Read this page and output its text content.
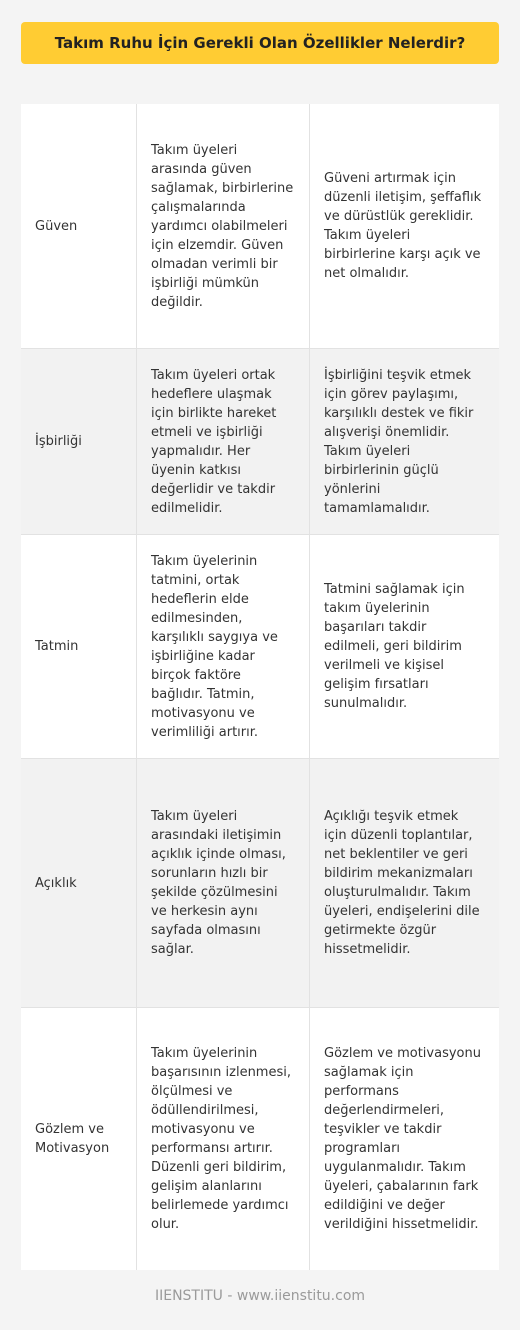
Takım Ruhu İçin Gerekli Olan Özellikler Nelerdir?
Güven
Takım üyeleri arasında güven sağlamak, birbirlerine çalışmalarında yardımcı olabilmeleri için elzemdir. Güven olmadan verimli bir işbirliği mümkün değildir.
Güveni artırmak için düzenli iletişim, şeffaflık ve dürüstlük gereklidir. Takım üyeleri birbirlerine karşı açık ve net olmalıdır.
İşbirliği
Takım üyeleri ortak hedeflere ulaşmak için birlikte hareket etmeli ve işbirliği yapmalıdır. Her üyenin katkısı değerlidir ve takdir edilmelidir.
İşbirliğini teşvik etmek için görev paylaşımı, karşılıklı destek ve fikir alışverişi önemlidir. Takım üyeleri birbirlerinin güçlü yönlerini tamamlamalıdır.
Tatmin
Takım üyelerinin tatmini, ortak hedeflerin elde edilmesinden, karşılıklı saygıya ve işbirliğine kadar birçok faktöre bağlıdır. Tatmin, motivasyonu ve verimliliği artırır.
Tatmini sağlamak için takım üyelerinin başarıları takdir edilmeli, geri bildirim verilmeli ve kişisel gelişim fırsatları sunulmalıdır.
Açıklık
Takım üyeleri arasındaki iletişimin açıklık içinde olması, sorunların hızlı bir şekilde çözülmesini ve herkesin aynı sayfada olmasını sağlar.
Açıklığı teşvik etmek için düzenli toplantılar, net beklentiler ve geri bildirim mekanizmaları oluşturulmalıdır. Takım üyeleri, endişelerini dile getirmekte özgür hissetmelidir.
Gözlem ve Motivasyon
Takım üyelerinin başarısının izlenmesi, ölçülmesi ve ödüllendirilmesi, motivasyonu ve performansı artırır. Düzenli geri bildirim, gelişim alanlarını belirlemede yardımcı olur.
Gözlem ve motivasyonu sağlamak için performans değerlendirmeleri, teşvikler ve takdir programları uygulanmalıdır. Takım üyeleri, çabalarının fark edildiğini ve değer verildiğini hissetmelidir.
IIENSTITU - www.iienstitu.com
